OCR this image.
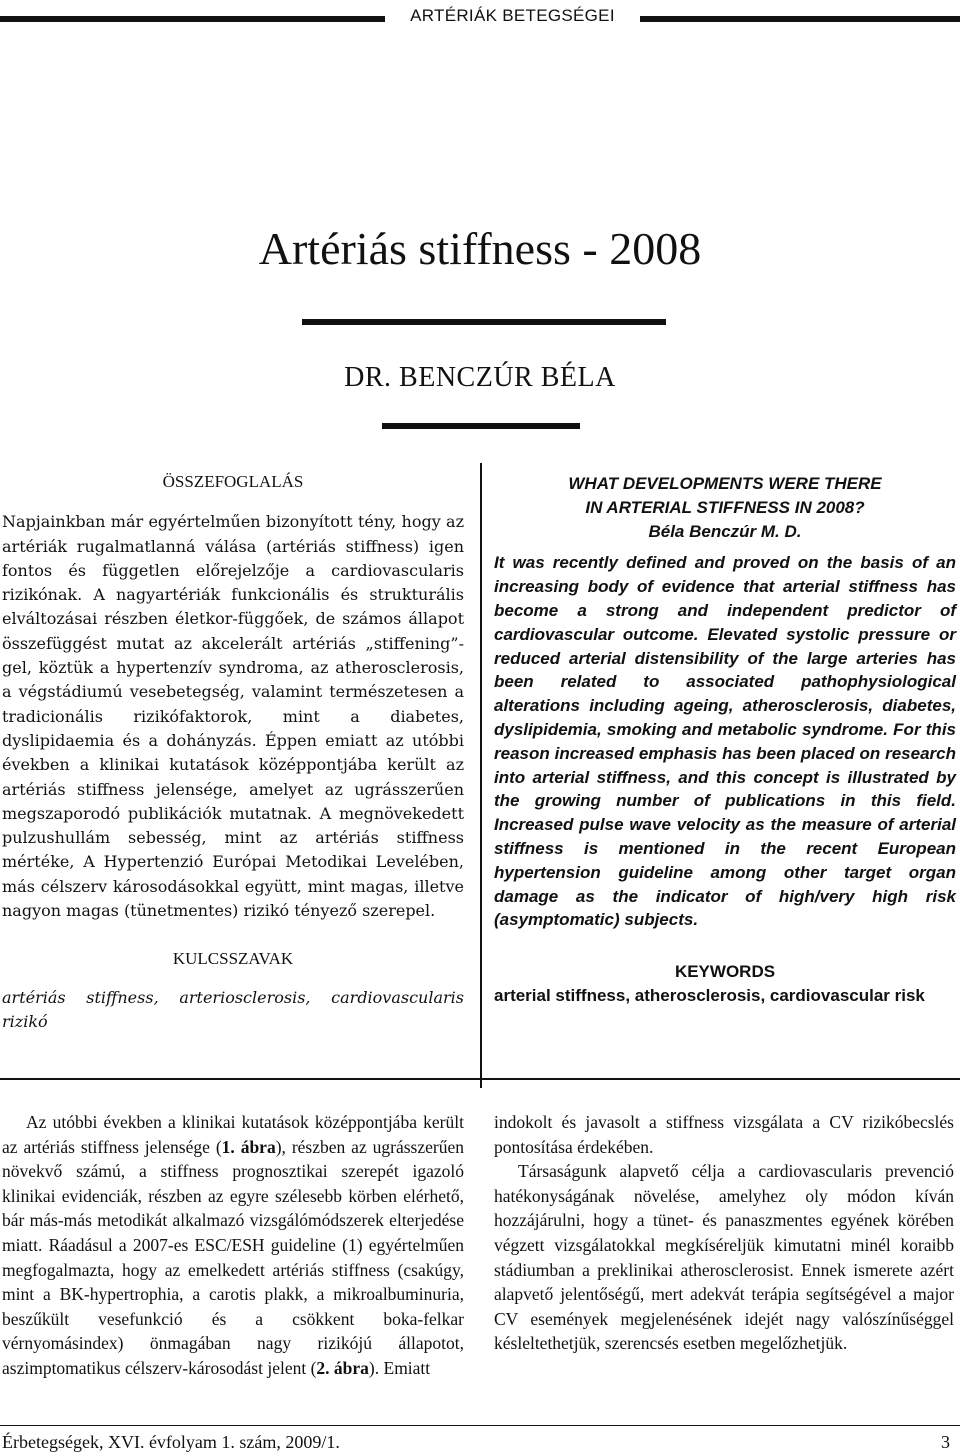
ARTÉRIÁK BETEGSÉGEI
Artériás stiffness - 2008
DR. BENCZÚR BÉLA
ÖSSZEFOGLALÁS

Napjainkban már egyértelműen bizonyított tény, hogy az artériák rugalmatlanná válása (artériás stiffness) igen fontos és független előrejelzője a cardiovascularis rizikónak. A nagyartériák funkcionális és strukturális elváltozásai részben életkor-függőek, de számos állapot összefüggést mutat az akcelerált artériás „stiffening”-gel, köztük a hypertenzív syndroma, az atherosclerosis, a végstádiumú vesebetegség, valamint természetesen a tradicionális rizikófaktorok, mint a diabetes, dyslipidaemia és a dohányzás. Éppen emiatt az utóbbi években a klinikai kutatások középpontjába került az artériás stiffness jelensége, amelyet az ugrásszerűen megszaporodó publikációk mutatnak. A megnövekedett pulzushullám sebesség, mint az artériás stiffness mértéke, A Hypertenzió Európai Metodikai Levelében, más célszerv károsodásokkal együtt, mint magas, illetve nagyon magas (tünetmentes) rizikó tényező szerepel.

KULCSSZAVAK

artériás stiffness, arteriosclerosis, cardiovascularis rizikó

WHAT DEVELOPMENTS WERE THERE

IN ARTERIAL STIFFNESS IN 2008?

Béla Benczúr M. D.

It was recently defined and proved on the basis of an increasing body of evidence that arterial stiffness has become a strong and independent predictor of cardiovascular outcome. Elevated systolic pressure or reduced arterial distensibility of the large arteries has been related to associated pathophysiological alterations including ageing, atherosclerosis, diabetes, dyslipidemia, smoking and metabolic syndrome. For this reason increased emphasis has been placed on research into arterial stiffness, and this concept is illustrated by the growing number of publications in this field. Increased pulse wave velocity as the measure of arterial stiffness is mentioned in the recent European hypertension guideline among other target organ damage as the indicator of high/very high risk (asymptomatic) subjects.

KEYWORDS

arterial stiffness, atherosclerosis, cardiovascular risk

Az utóbbi években a klinikai kutatások középpontjába került az artériás stiffness jelensége (1. ábra), részben az ugrásszerűen növekvő számú, a stiffness prognosztikai szerepét igazoló klinikai evidenciák, részben az egyre szélesebb körben elérhető, bár más-más metodikát alkalmazó vizsgálómódszerek elterjedése miatt. Ráadásul a 2007-es ESC/ESH guideline (1) egyértelműen megfogalmazta, hogy az emelkedett artériás stiffness (csakúgy, mint a BK-hypertrophia, a carotis plakk, a mikroalbuminuria, beszűkült vesefunkció és a csökkent boka-felkar vérnyomásindex) önmagában nagy rizikójú állapotot, aszimptomatikus célszerv-károsodást jelent (2. ábra). Emiatt

indokolt és javasolt a stiffness vizsgálata a CV rizikóbecslés pontosítása érdekében.

Társaságunk alapvető célja a cardiovascularis prevenció hatékonyságának növelése, amelyhez oly módon kíván hozzájárulni, hogy a tünet- és panaszmentes egyének körében végzett vizsgálatokkal megkíséreljük kimutatni minél koraibb stádiumban a preklinikai atherosclerosist. Ennek ismerete azért alapvető jelentőségű, mert adekvát terápia segítségével a major CV események megjelenésének idejét nagy valószínűséggel késleltethetjük, szerencsés esetben megelőzhetjük.

Érbetegségek, XVI. évfolyam 1. szám, 2009/1.	3
